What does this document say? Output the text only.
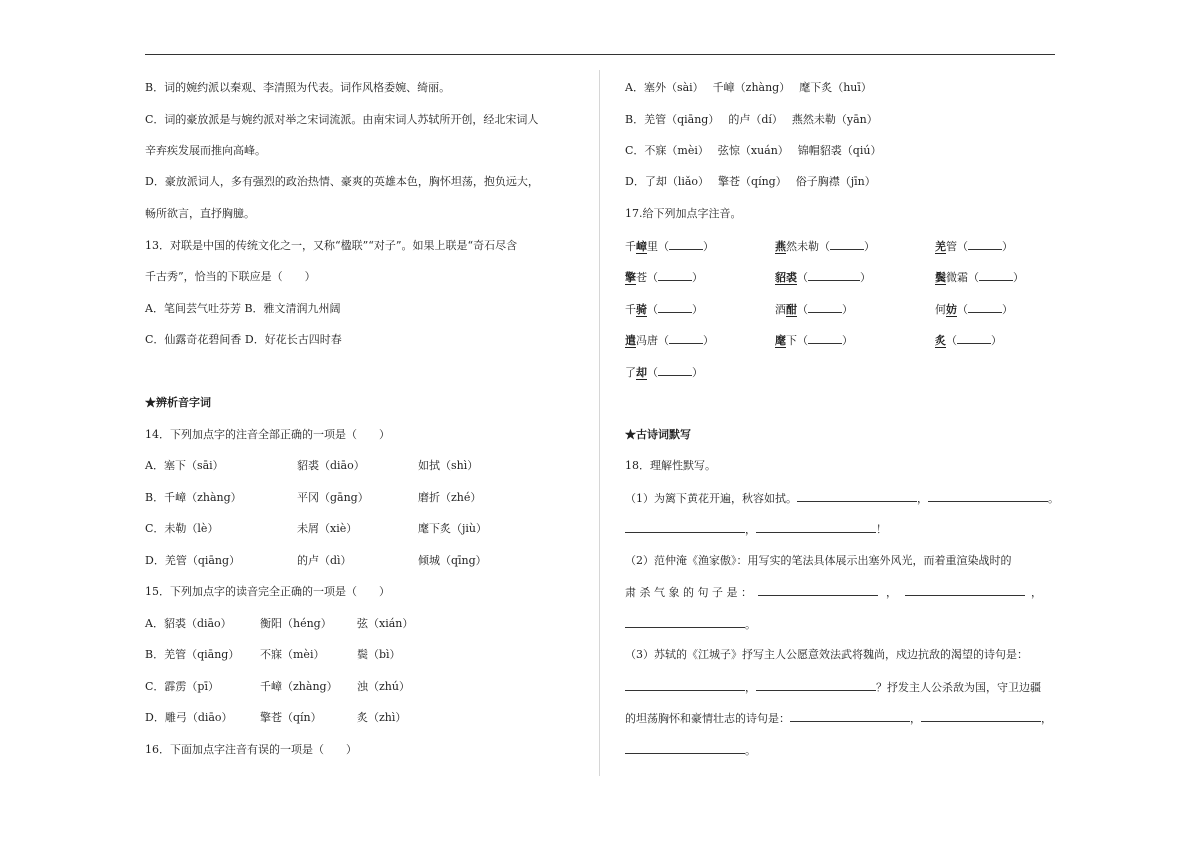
B．词的婉约派以秦观、李清照为代表。词作风格委婉、绮丽。
C．词的豪放派是与婉约派对举之宋词流派。由南宋词人苏轼所开创，经北宋词人
辛弃疾发展而推向高峰。
D．豪放派词人，多有强烈的政治热情、豪爽的英雄本色，胸怀坦荡，抱负远大，
畅所欲言，直抒胸臆。
13．对联是中国的传统文化之一，又称“楹联”“对子”。如果上联是“奇石尽含
千古秀”，恰当的下联应是（　　）
A．笔间芸气吐芬芳 B．雅文清润九州阔
C．仙露奇花碧间香 D．好花长古四时春
★辨析音字词
14．下列加点字的注音全部正确的一项是（　　）
A．塞下（sāi）	貂裘（diāo）	如拭（shì）
B．千嶂（zhàng）	平冈（gāng）	磨折（zhé）
C．未勒（lè）	未屑（xiè）	麾下炙（jiù）
D．羌管（qiāng）	的卢（dì）	倾城（qīng）
15．下列加点字的读音完全正确的一项是（　　）
A．貂裘（diāo）	衡阳（héng） 弦（xián）
B．羌管（qiāng） 不寐（mèi）	鬓（bì）
C．霹雳（pī）	千嶂（zhàng） 浊（zhú）
D．雕弓（diāo） 擎苍（qín）	炙（zhì）
16．下面加点字注音有误的一项是（　　）
A．塞外（sài）　 千嶂（zhàng）　 麾下炙（huī）
B．羌管（qiāng）　 的卢（dí）　 燕然未勒（yān）
C．不寐（mèi）　 弦惊（xuán）　 锦帽貂裘（qiú）
D．了却（liǎo）　 擎苍（qíng）　 俗子胸襟（jīn）
17.给下列加点字注音。
千嶂里（	）	燕然未勒（	）	羌管（	）
擎苍（	）	貂裘（	）	鬓微霜（	）
千骑（	）	酒酣（	）	何妨（	）
遣冯唐（	）	麾下（	）	炙（	）
了却（	）
★古诗词默写
18．理解性默写。
（1）为篱下黄花开遍，秋容如拭。	，	。
，	！
（2）范仲淹《渔家傲》：用写实的笔法具体展示出塞外风光，而着重渲染战时的
肃 杀 气 象 的 句 子 是 ：	，	，
。
（3）苏轼的《江城子》抒写主人公愿意效法武将魏尚，戍边抗敌的渴望的诗句是：
，	？抒发主人公杀敌为国，守卫边疆
的坦荡胸怀和豪情壮志的诗句是：	，	，
。
